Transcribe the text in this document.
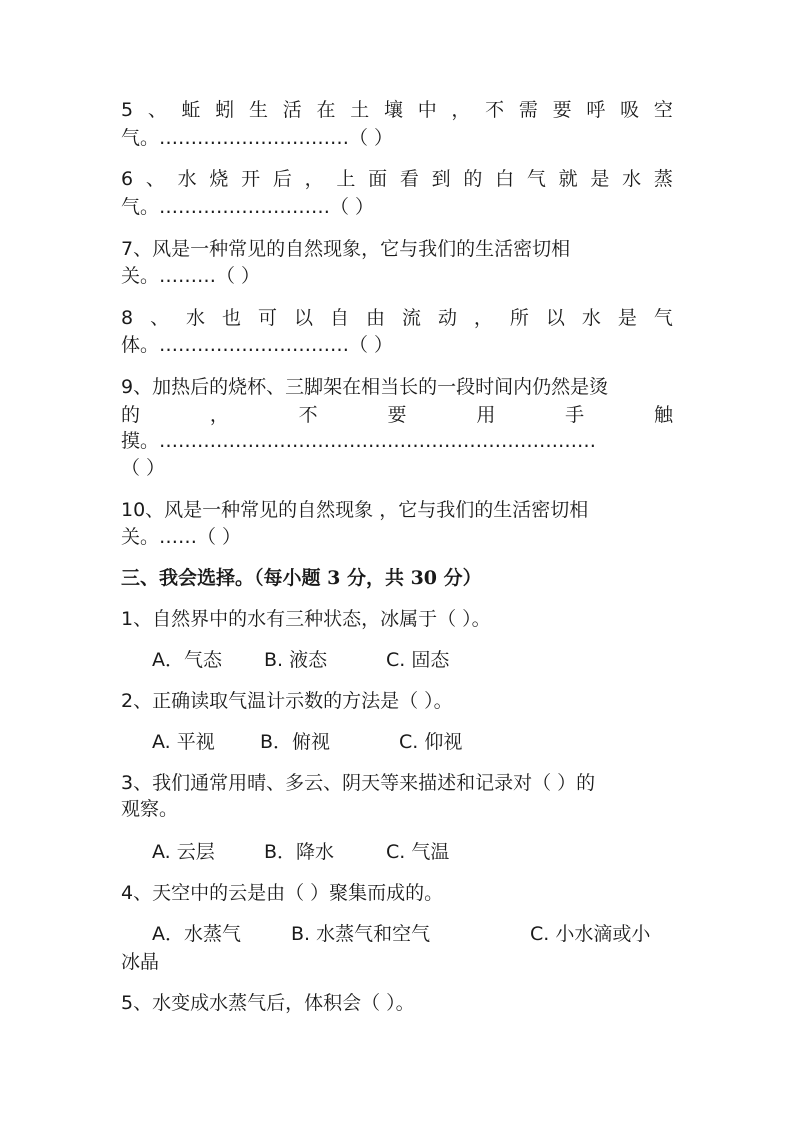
5 、 蚯 蚓 生 活 在 土 壤 中 ， 不 需 要 呼 吸 空
气。…………………………（ ）
6 、 水 烧 开 后 ， 上 面 看 到 的 白 气 就 是 水 蒸
气。………………………（ ）
7、风是一种常见的自然现象，它与我们的生活密切相
关。………（ ）
8 、 水 也 可 以 自 由 流 动 ， 所 以 水 是 气
体。…………………………（ ）
9、加热后的烧杯、三脚架在相当长的一段时间内仍然是烫
的	，	不	要	用	手	触
摸。……………………………………………………………
（ ）
10、风是一种常见的自然现象 ，它与我们的生活密切相
关。……（ ）
三、我会选择。（每小题 3 分，共 30 分）
1、自然界中的水有三种状态，冰属于（ ）。
A．气态 B. 液态	C. 固态
2、正确读取气温计示数的方法是（ ）。
A. 平视 B．俯视	C. 仰视
3、我们通常用晴、多云、阴天等来描述和记录对（ ）的
观察。
A. 云层	B．降水	C. 气温
4、天空中的云是由（ ）聚集而成的。
A．水蒸气	B. 水蒸气和空气	C. 小水滴或小
冰晶
5、水变成水蒸气后，体积会（ ）。
